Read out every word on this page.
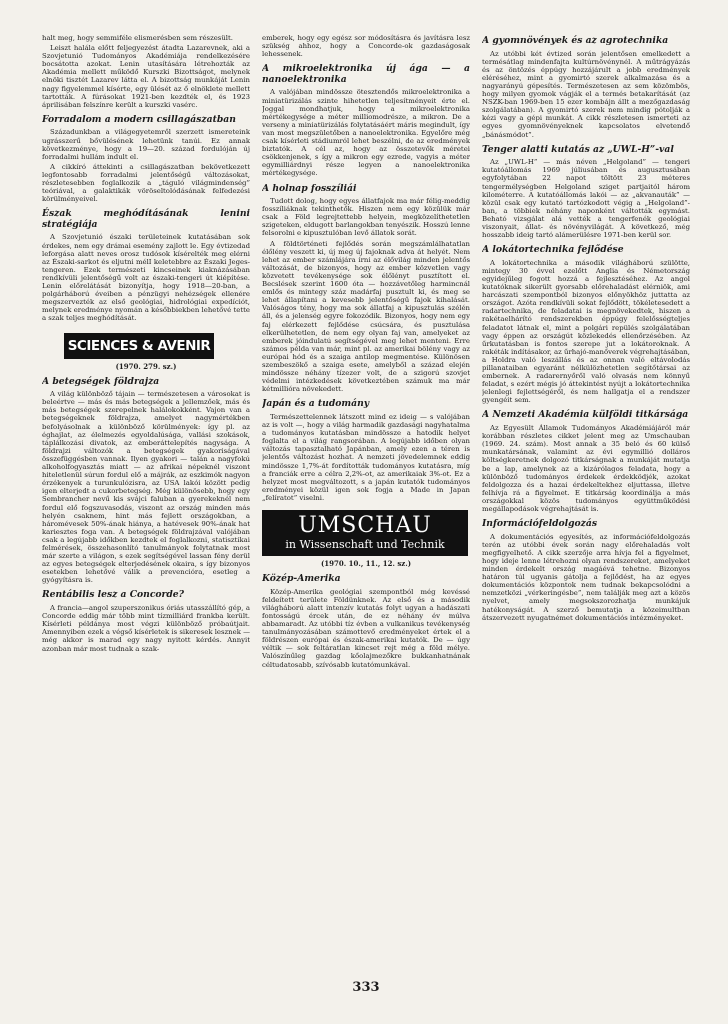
halt meg, hogy semmiféle elismerésben sem részesült.

Leiszt halála előtt feljegyezést átadta Lazarevnek, aki a Szovjetunió Tudományos Akadémiája rendelkezésére bocsátotta azokat. Lenin utasítására létrehozták az Akadémia mellett működő Kurszki Bizottságot, melynek elnöki tisztét Lazarev látta el. A bizottság munkáját Lenin nagy figyelemmel kísérte, egy ülését az ő elnöklete mellett tartották. A fúrásokat 1921-ben kezdték el, és 1923 áprilisában felszínre került a kurszki vasérc.

Forradalom a modern csillagászatban

Századunkban a világegyetemről szerzett ismereteink ugrásszerű bővülésének lehetünk tanúi. Ez annak következménye, hogy a 19—20. század fordulóján új forradalmi hullám indult el.

A cikkíró áttekinti a csillagászatban bekövetkezett legfontosabb forradalmi jelentőségű változásokat, részletesebben foglalkozik a „táguló világmindenség” teóriával, a galaktikák vöröseltolódásának felfedezési körülményeivel.

Észak meghódításának lenini stratégiája

A Szovjetunió északi területeinek kutatásában sok érdekes, nem egy drámai esemény zajlott le. Egy évtizedad leforgása alatt neves orosz tudósok kísérelték meg elérni az Északi-sarkot és eljutni mélI keletebbre az Északi Jeges-tengeren. Ezek természeti kincseinek kiaknázásában rendkívüli jelentőségű volt az északi-tengeri út kiépítése. Lenin előrelátását bizonyítja, hogy 1918—20-ban, a polgárháború éveiben a pénzügyi nehézségek ellenére megszervezték az első geológiai, hidrológiai expedíciót, melynek eredménye nyomán a későbbiekben lehetővé tette a szak teljes meghódítását.

SCIENCES & AVENIR
(1970. 279. sz.)
A betegségek földrajza

A világ különböző tájain — természetesen a városokat is beleértve — más és más betegségek a jellemzőek, más és más betegségek szerepelnek halálokokként. Vajon van a betegségeknek földrajza, amelyet nagymértékben befolyásolnak a különböző körülmények: így pl. az éghajlat, az élelmezés egyoldalúsága, vallási szokások, táplálkozási divatok, az emberáttelepítés nagysága. A földrajzi változók a betegségek gyakoriságával összefüggésben vannak. Ilyen gyakori — talán a nagyfokú alkoholfogyasztás miatt — az afrikai népeknél viszont hiteletlenül súrun fordul elő a májrák, az eszkimók nagyon érzékenyek a turunkulózisra, az USA lakói között pedig igen elterjedt a cukorbetegség. Még különösebb, hogy egy Sembrancher nevű kis svájci faluban a gyerekeknél nem fordul elő fogszuvasodás, viszont az ország minden más helyén csaknem, hint más fejlett országokban, a háromévesek 50%-ának hiánya, a hatévesek 90%-ának hat kariesztes foga van. A betegségek földrajzával valójában csak a legújabb időkben kezdtek el foglalkozni, statisztikai felmérések, összehasonlító tanulmányok folytatnak most már szerte a világon, s ezek segítségével lassan fény derül az egyes betegségek elterjedésének okaira, s így bizonyos esetekben lehetővé válik a prevencióra, esetleg a gyógyításra is.

Rentábilis lesz a Concorde?

A francia—angol szuperszonikus óriás utasszállító gép, a Concorde eddig már több mint tízmilliárd frankba került. Kísérleti példánya most végzi különböző próbaútjait. Amennyiben ezek a végső kísérletek is sikeresek lesznek — még akkor is marad egy nagy nyitott kérdés. Annyit azonban már most tudnak a szak-

emberek, hogy egy egész sor módosításra és javításra lesz szükség ahhoz, hogy a Concorde-ok gazdaságosak lehessenek.

A mikroelektronika új ága — a nanoelektronika

A valójában mindössze ötesztendős mikroelektronika a miniatürizálás szinte hihetetlen teljesítményeit érte el. Joggal mondhatjuk, hogy a mikroelektronika mértékegysége a méter milliomodrésze, a mikron. De a verseny a miniatürizálás folytatásáért máris megindult, így van most megszületőben a nanoelektronika. Egyelőre még csak kísérleti stádiumról lehet beszélni, de az eredmények biztatók. A cél az, hogy az összetevők méretei csökkenjenek, s így a mikron egy ezrede, vagyis a méter egymilliárdnyi része legyen a nanoelektronika mértékegysége.

A holnap fosszíliái

Tudott dolog, hogy egyes állatfajok ma már félig-meddig fosszíliáknak tekinthetők. Hiszen nem egy közülük már csak a Föld legrejtettebb helyein, megközelíthetetlen szigeteken, eldugott barlangokban tenyészik. Hosszú lenne felsorolni e kipusztulóban levő állatok sorát.

A földtörténeti fejlődés során megszámlálhatatlan élőlény veszett ki, új meg új fajoknak adva át helyét. Nem lehet az ember számlájára írni az élővilág minden jelentős változását, de bizonyos, hogy az ember közvetlen vagy közvetett tevékenysége sok élőlényt pusztított el. Becslések szerint 1600 óta — hozzávetőleg harmincnál emlős és mintegy száz madárfaj pusztult ki, és meg se lehet állapítani a kevesebb jelentőségű fajok kihalását. Valóságos tény, hogy ma sok állatfaj a kipusztulás szélén áll, és a jelenség egyre fokozódik. Bizonyos, hogy nem egy faj elérkezett fejlődése csúcsára, és pusztulása elkerülhetetlen, de nem egy olyan faj van, amelyeket az emberek jóindulatú segítségével meg lehet menteni. Erre számos példa van már, mint pl. az amerikai bölény vagy az európai hód és a szaiga antilop megmentése. Különösen szembeszökő a szaiga esete, amelyből a század elején mindössze néhány tízezer volt, de a szigorú szovjet védelmi intézkedések következtében számuk ma már kétmillióra növekedett.

Japán és a tudomány

Természettelennek látszott mind ez ideig — s valójában az is volt —, hogy a világ harmadik gazdasági nagyhatalma a tudományos kutatásban mindössze a hatodik helyet foglalta el a világ rangsorában. A legújabb időben olyan változás tapasztalható Japánban, amely ezen a téren is jelentős változást hozhat. A nemzeti jövedelemnek eddig mindössze 1,7%-át fordították tudományos kutatásra, míg a franciák erre a célra 2,2%-ot, az amerikaiak 3%-ot. Ez a helyzet most megváltozott, s a japán kutatók tudományos eredményei közül igen sok fogja a Made in Japan „felíratot” viselni.

UMSCHAU
in Wissenschaft und Technik
(1970. 10., 11., 12. sz.)
Közép-Amerika

Közép-Amerika geológiai szempontból még kevéssé feldeített területe Földünknek. Az első és a második világháború alatt intenzív kutatás folyt ugyan a hadászati fontosságú ércek után, de ez néhány év múlva abbamaradt. Az utóbbi tíz évben a vulkanikus tevékenység tanulmányozásában számottevő eredményeket értek el a földrészen európai és észak-amerikai kutatók. De — úgy véltik — sok feltáratlan kincset rejt még a föld mélye. Valószínűleg gazdag kőolajmezőkre bukkanhatnának céltudatosabb, szívósabb kutatómunkával.

A gyomnövények és az agrotechnika

Az utóbbi két évtized során jelentősen emelkedett a termésátlag mindenfajta kultúrnövénynél. A műtrágyázás és az öntözés éppúgy hozzájárult a jobb eredmények eléréséhez, mint a gyomirtó szerek alkalmazása és a nagyarányú gépesítés. Természetesen az sem közömbös, hogy milyen gyomok vágják el a termés betakarítását (az NSZK-ban 1969-ben 15 ezer kombájn állt a mezőgazdaság szolgálatában). A gyomirtó szerek nem mindig pótolják a kézi vagy a gépi munkát. A cikk részletesen ismerteti az egyes gyomnövényeknek kapcsolatos elvetendő „bánásmódot”.

Tenger alatti kutatás az „UWL-H”-val

Az „UWL-H” — más néven „Helgoland” — tengeri kutatóállomás 1969 júliusában és augusztusában egyfolytában 22 napot töltött 23 méteres tengermélységben Helgoland sziget partjaitól három kilométerre. A kutatóállomás lakói — az „akvanauták” — közül csak egy kutató tartózkodott végig a „Helgoland”-ban, a többiek néhány naponként váltották egymást. Beható vizsgálat alá vették a tengerfenék geológiai viszonyait, állat- és növényvilágát. A következő, még hosszabb ideig tartó alámerülésre 1971-ben kerül sor.

A lokátortechnika fejlődése

A lokátortechnika a második világháború szülötte, mintegy 30 évvel ezelőtt Anglia és Németország egyidejűleg fogott hozzá a fejlesztéséhez. Az angol kutatóknak sikerült gyorsabb előrehaladást elérniök, ami harcászati szempontból bizonyos előnyökhöz juttatta az országot. Azóta rendkívüli sokat fejlődött, tökéletesedett a radartechnika, de feladatai is megnövekedtek, hiszen a rakétaelhárító rendszerekben éppúgy felelősségteljes feladatot látnak el, mint a polgári repülés szolgálatában vagy éppen az országút közlekedés ellenőrzésében. Az űrkutatásban is fontos szerepe jut a lokátoroknak. A rakéták indításakor, az űrhajó-manőverek végrehajtásában, a Holdra való leszállás és az onnan való eltávolodás pillanataiban egyaránt nélkülözhetetlen segítőtársai az embernek. A radarernyőről való olvasás nem könnyű feladat, s ezért mégis jó áttekintést nyújt a lokátortechnika jelenlegi fejlettségéről, és nem hallgatja el a rendszer gyengéit sem.

A Nemzeti Akadémia külföldi titkársága

Az Egyesült Államok Tudományos Akadémiájáról már korábban részletes cikket jelent meg az Umschauban (1969. 24. szám). Most annak a 35 beló és 60 külső munkatársának, valamint az évi egymillió dolláros költségkeretnek dolgozó titkárságnak a munkáját mutatja be a lap, amelynek az a kizárólagos feladata, hogy a különböző tudományos érdekek érdekködjék, azokat feldolgozza és a hazai érdekeltekhez eljuttassa, illetve felhívja rá a figyelmet. E titkárság koordinálja a más országokkal közös tudományos együttműködési megállapodások végrehajtását is.

Információfeldolgozás

A dokumentációs egyesítés, az információfeldolgozás terén az utóbbi évek során nagy előrehaladás volt megfigyelhető. A cikk szerzője arra hívja fel a figyelmet, hogy ideje lenne létrehozni olyan rendszereket, amelyeket minden érdekelt ország magáévá tehetne. Bizonyos határon túl ugyanis gátolja a fejlődést, ha az egyes dokumentációs központok nem tudnak bekapcsolódni a nemzetközi „vérkeringésbe”, nem találják meg azt a közös nyelvet, amely megsokszorozhatja munkájuk hatékonyságát. A szerző bemutatja a közeimultban átszervezett nyugatnémet dokumentációs intézményeket.

333
